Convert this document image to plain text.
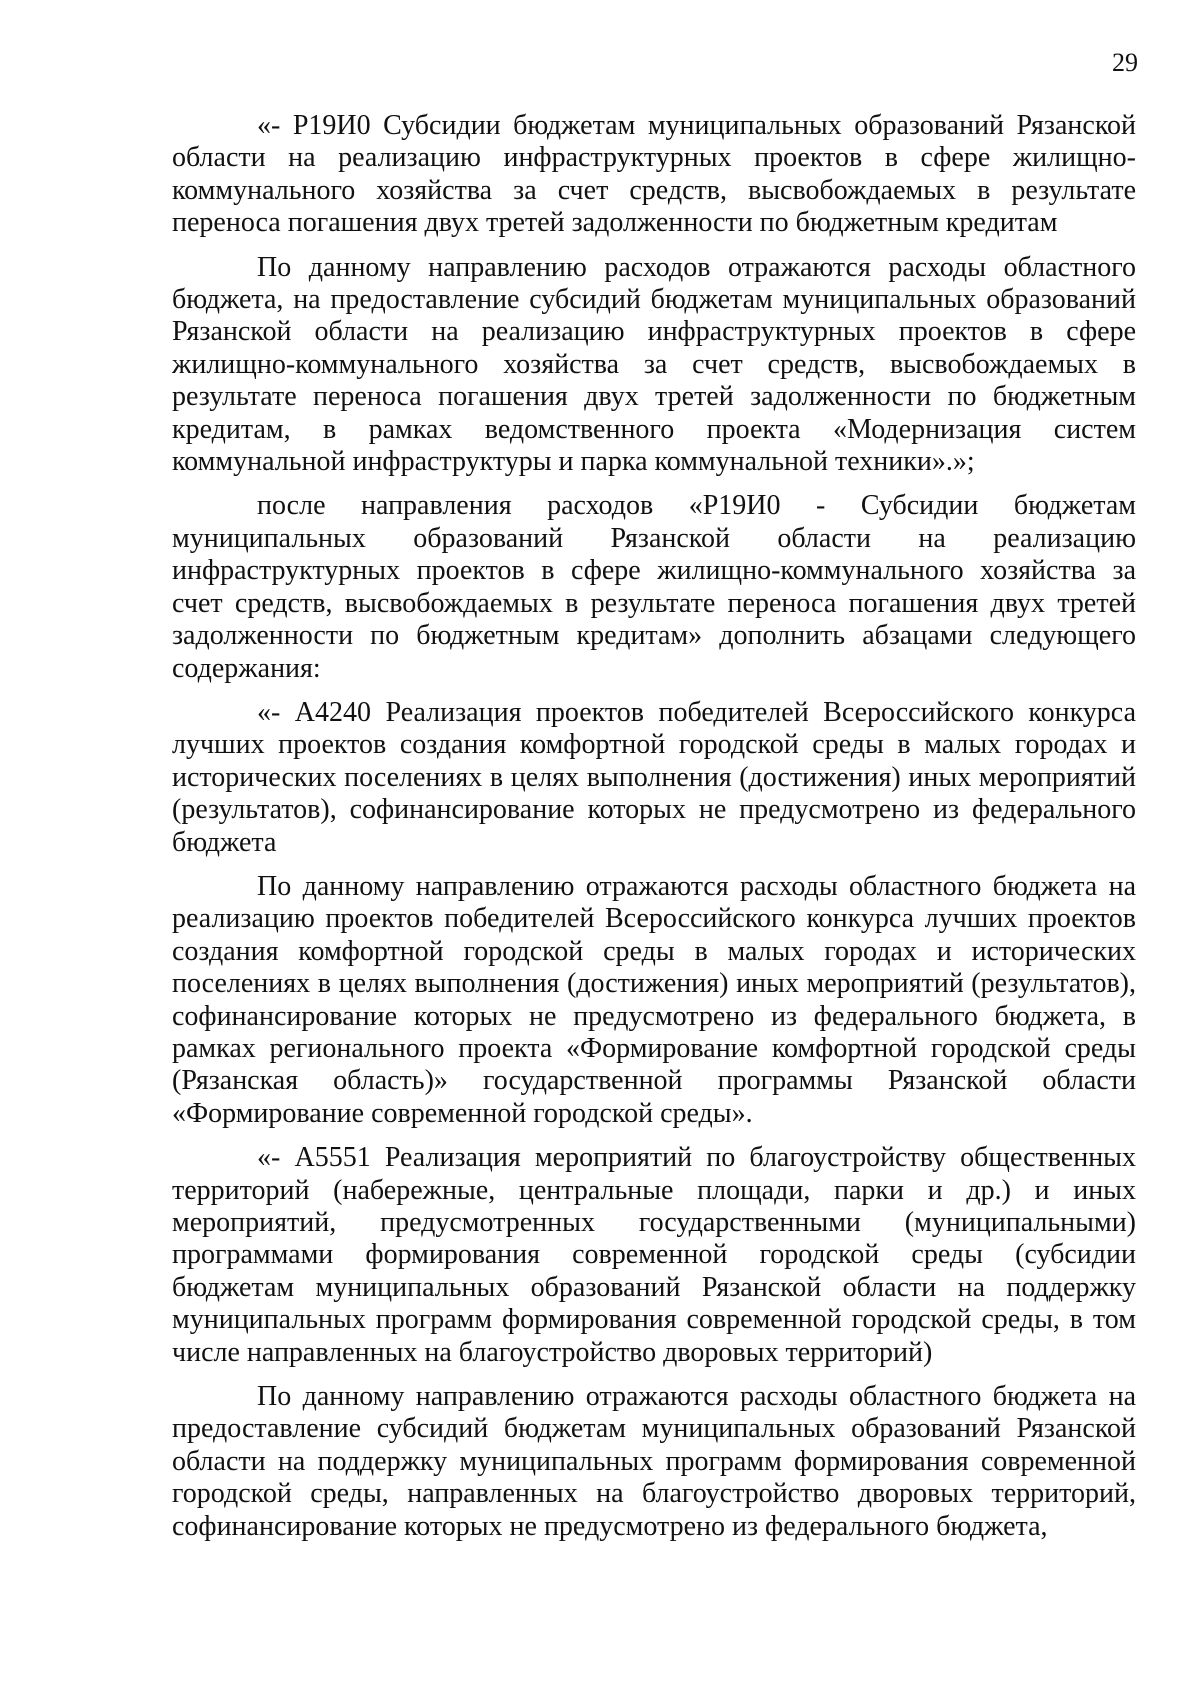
29

«- Р19И0 Субсидии бюджетам муниципальных образований Рязанской области на реализацию инфраструктурных проектов в сфере жилищно-коммунального хозяйства за счет средств, высвобождаемых в результате переноса погашения двух третей задолженности по бюджетным кредитам

По данному направлению расходов отражаются расходы областного бюджета, на предоставление субсидий бюджетам муниципальных образований Рязанской области на реализацию инфраструктурных проектов в сфере жилищно-коммунального хозяйства за счет средств, высвобождаемых в результате переноса погашения двух третей задолженности по бюджетным кредитам, в рамках ведомственного проекта «Модернизация систем коммунальной инфраструктуры и парка коммунальной техники».»;

после направления расходов «Р19И0 - Субсидии бюджетам муниципальных образований Рязанской области на реализацию инфраструктурных проектов в сфере жилищно-коммунального хозяйства за счет средств, высвобождаемых в результате переноса погашения двух третей задолженности по бюджетным кредитам» дополнить абзацами следующего содержания:

«- А4240 Реализация проектов победителей Всероссийского конкурса лучших проектов создания комфортной городской среды в малых городах и исторических поселениях в целях выполнения (достижения) иных мероприятий (результатов), софинансирование которых не предусмотрено из федерального бюджета

По данному направлению отражаются расходы областного бюджета на реализацию проектов победителей Всероссийского конкурса лучших проектов создания комфортной городской среды в малых городах и исторических поселениях в целях выполнения (достижения) иных мероприятий (результатов), софинансирование которых не предусмотрено из федерального бюджета, в рамках регионального проекта «Формирование комфортной городской среды (Рязанская область)» государственной программы Рязанской области «Формирование современной городской среды».

«- А5551 Реализация мероприятий по благоустройству общественных территорий (набережные, центральные площади, парки и др.) и иных мероприятий, предусмотренных государственными (муниципальными) программами формирования современной городской среды (субсидии бюджетам муниципальных образований Рязанской области на поддержку муниципальных программ формирования современной городской среды, в том числе направленных на благоустройство дворовых территорий)

По данному направлению отражаются расходы областного бюджета на предоставление субсидий бюджетам муниципальных образований Рязанской области на поддержку муниципальных программ формирования современной городской среды, направленных на благоустройство дворовых территорий, софинансирование которых не предусмотрено из федерального бюджета,
